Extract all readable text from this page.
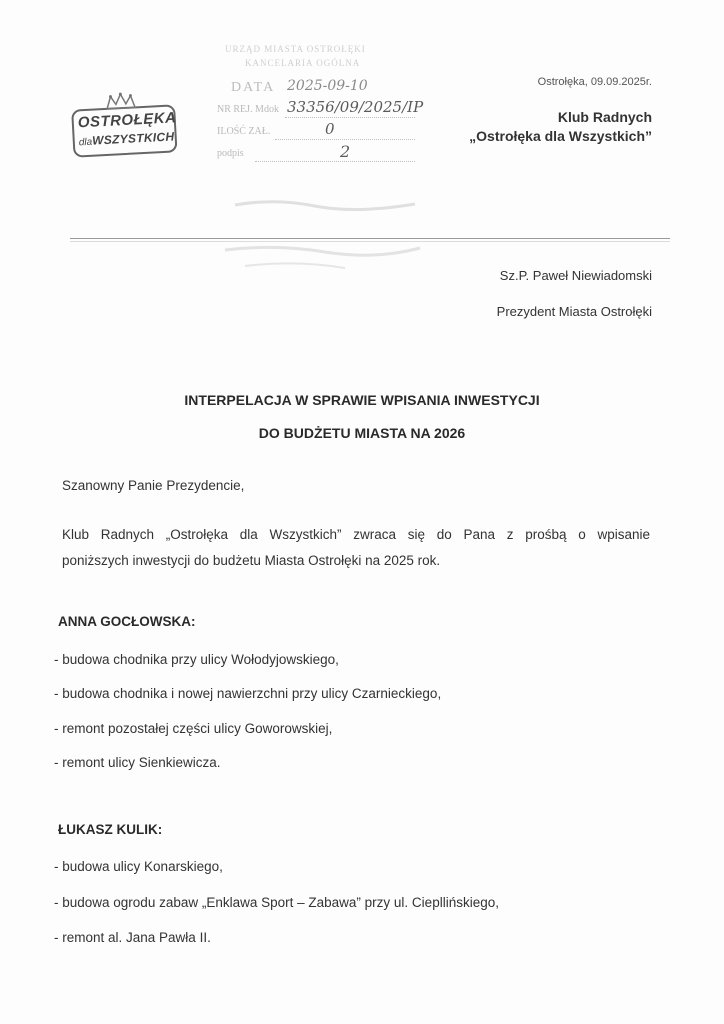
OSTROŁĘKA
dlaWSZYSTKICH
URZĄD MIASTA OSTROŁĘKI
KANCELARIA OGÓLNA
DATA 2025-09-10
NR REJ. Mdok 33356/09/2025/IP
ILOŚĆ ZAŁ.	0
podpis	2
Ostrołęka, 09.09.2025r.
Klub Radnych
„Ostrołęka dla Wszystkich”
Sz.P. Paweł Niewiadomski
Prezydent Miasta Ostrołęki
INTERPELACJA W SPRAWIE WPISANIA INWESTYCJI
DO BUDŻETU MIASTA NA 2026
Szanowny Panie Prezydencie,
Klub Radnych „Ostrołęka dla Wszystkich” zwraca się do Pana z prośbą o wpisanie
poniższych inwestycji do budżetu Miasta Ostrołęki na 2025 rok.
ANNA GOCŁOWSKA:
- budowa chodnika przy ulicy Wołodyjowskiego,
- budowa chodnika i nowej nawierzchni przy ulicy Czarnieckiego,
- remont pozostałej części ulicy Goworowskiej,
- remont ulicy Sienkiewicza.
ŁUKASZ KULIK:
- budowa ulicy Konarskiego,
- budowa ogrodu zabaw „Enklawa Sport – Zabawa” przy ul. Ciepllińskiego,
- remont al. Jana Pawła II.
